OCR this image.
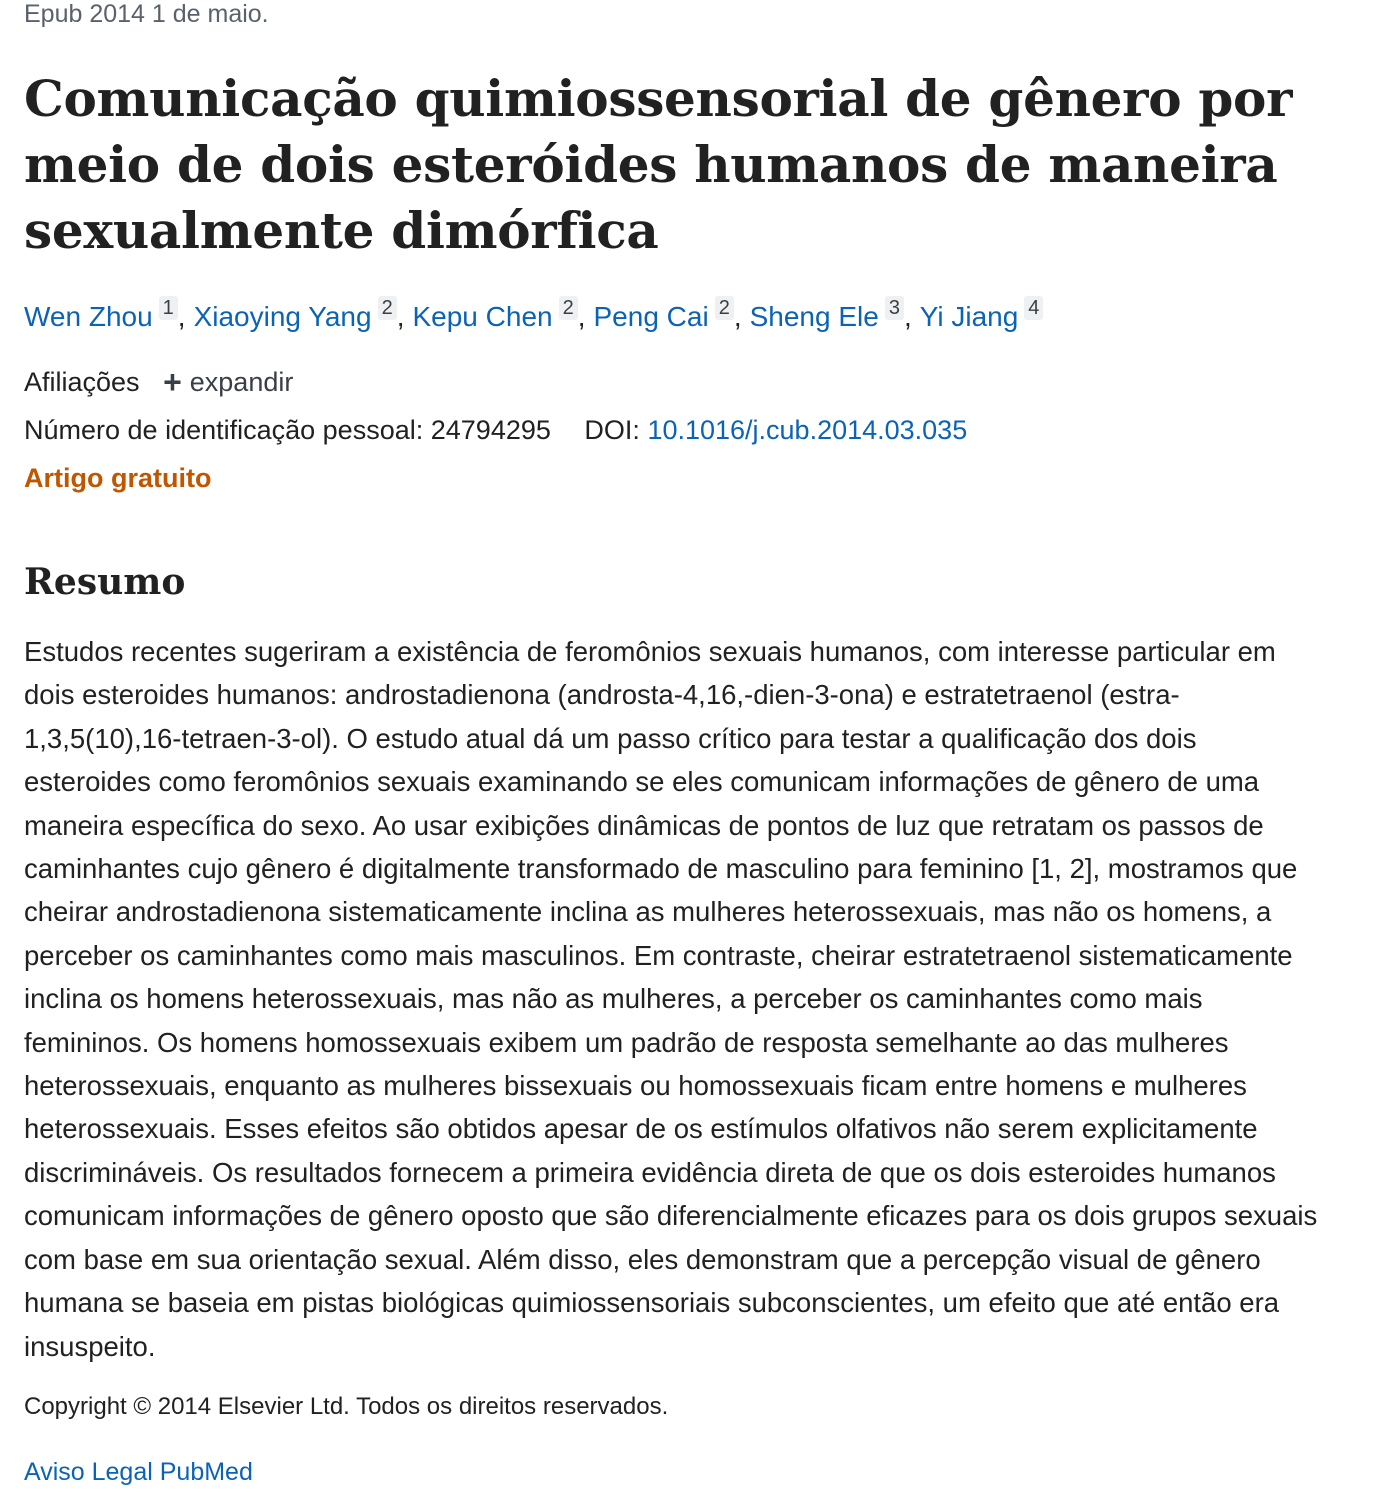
Epub 2014 1 de maio.
Comunicação quimiossensorial de gênero por meio de dois esteróides humanos de maneira sexualmente dimórfica
Wen Zhou 1 , Xiaoying Yang 2 , Kepu Chen 2 , Peng Cai 2 , Sheng Ele 3 , Yi Jiang 4
Afiliações + expandir
Número de identificação pessoal: 24794295 DOI: 10.1016/j.cub.2014.03.035
Artigo gratuito
Resumo

Estudos recentes sugeriram a existência de feromônios sexuais humanos, com interesse particular em dois esteroides humanos: androstadienona (androsta-4,16,-dien-3-ona) e estratetraenol (estra-1,3,5(10),16-tetraen-3-ol). O estudo atual dá um passo crítico para testar a qualificação dos dois esteroides como feromônios sexuais examinando se eles comunicam informações de gênero de uma maneira específica do sexo. Ao usar exibições dinâmicas de pontos de luz que retratam os passos de caminhantes cujo gênero é digitalmente transformado de masculino para feminino [1, 2], mostramos que cheirar androstadienona sistematicamente inclina as mulheres heterossexuais, mas não os homens, a perceber os caminhantes como mais masculinos. Em contraste, cheirar estratetraenol sistematicamente inclina os homens heterossexuais, mas não as mulheres, a perceber os caminhantes como mais femininos. Os homens homossexuais exibem um padrão de resposta semelhante ao das mulheres heterossexuais, enquanto as mulheres bissexuais ou homossexuais ficam entre homens e mulheres heterossexuais. Esses efeitos são obtidos apesar de os estímulos olfativos não serem explicitamente discrimináveis. Os resultados fornecem a primeira evidência direta de que os dois esteroides humanos comunicam informações de gênero oposto que são diferencialmente eficazes para os dois grupos sexuais com base em sua orientação sexual. Além disso, eles demonstram que a percepção visual de gênero humana se baseia em pistas biológicas quimiossensoriais subconscientes, um efeito que até então era insuspeito.

Copyright © 2014 Elsevier Ltd. Todos os direitos reservados.
Aviso Legal PubMed
